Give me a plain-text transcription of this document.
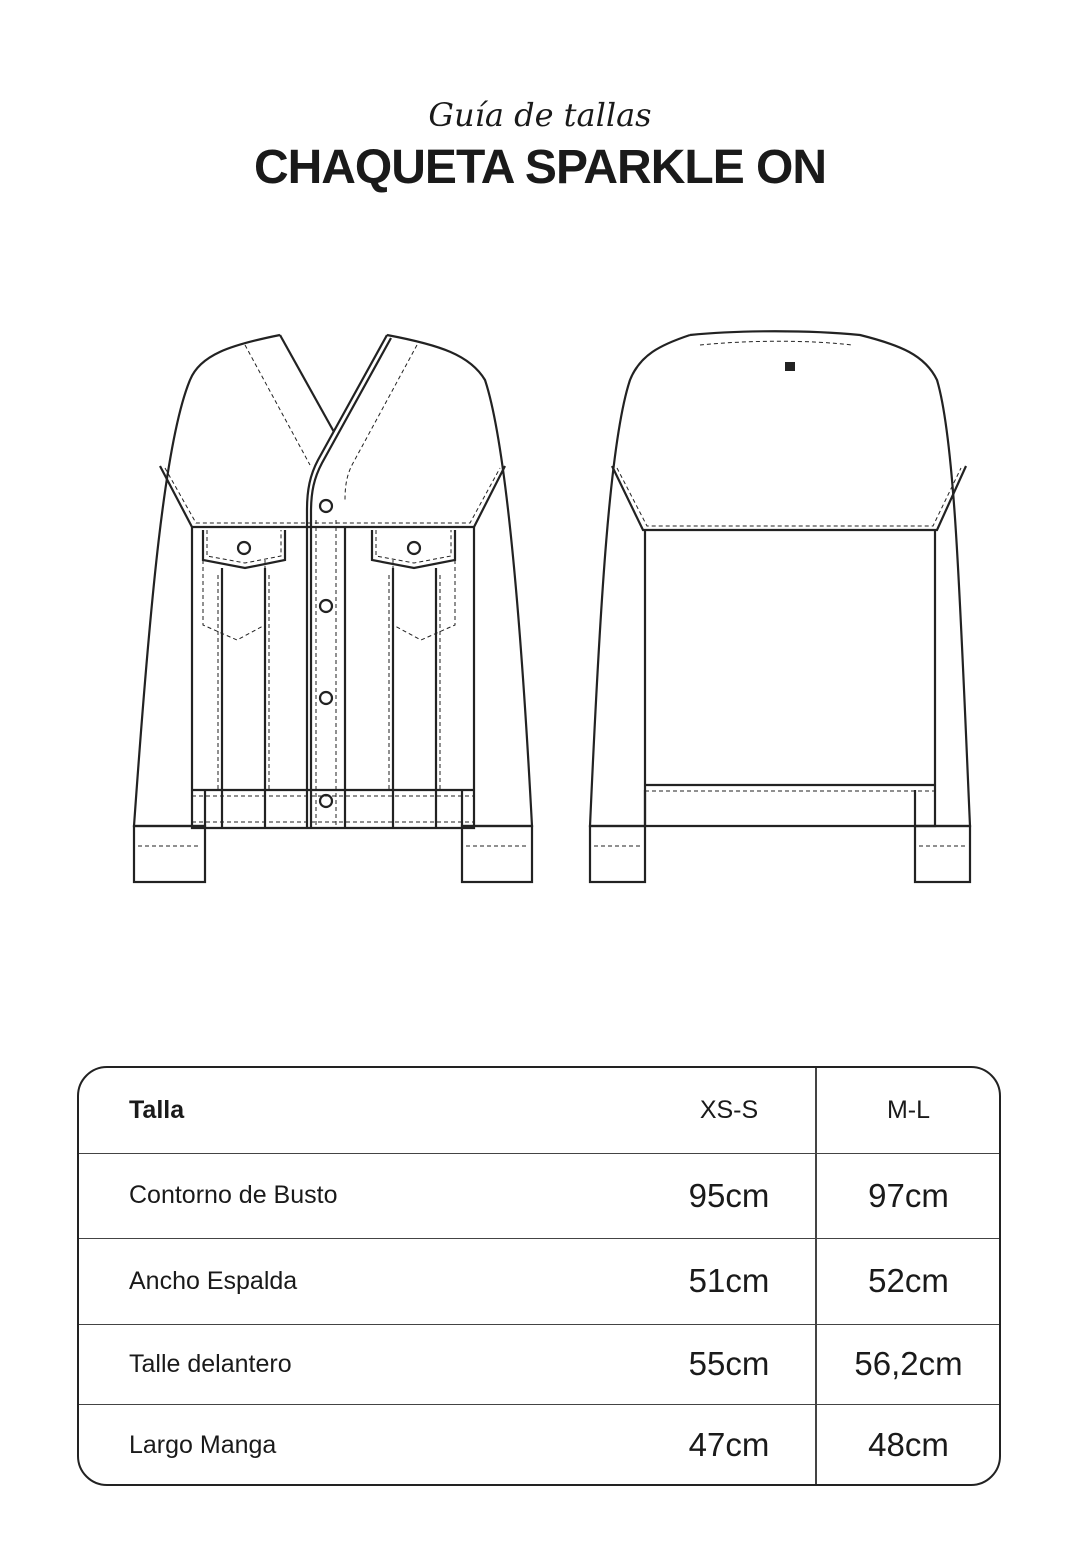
Guía de tallas
CHAQUETA SPARKLE ON
Talla	XS-S	M-L
Contorno de Busto	95cm	97cm
Ancho Espalda	51cm	52cm
Talle delantero	55cm	56,2cm
Largo Manga	47cm	48cm
